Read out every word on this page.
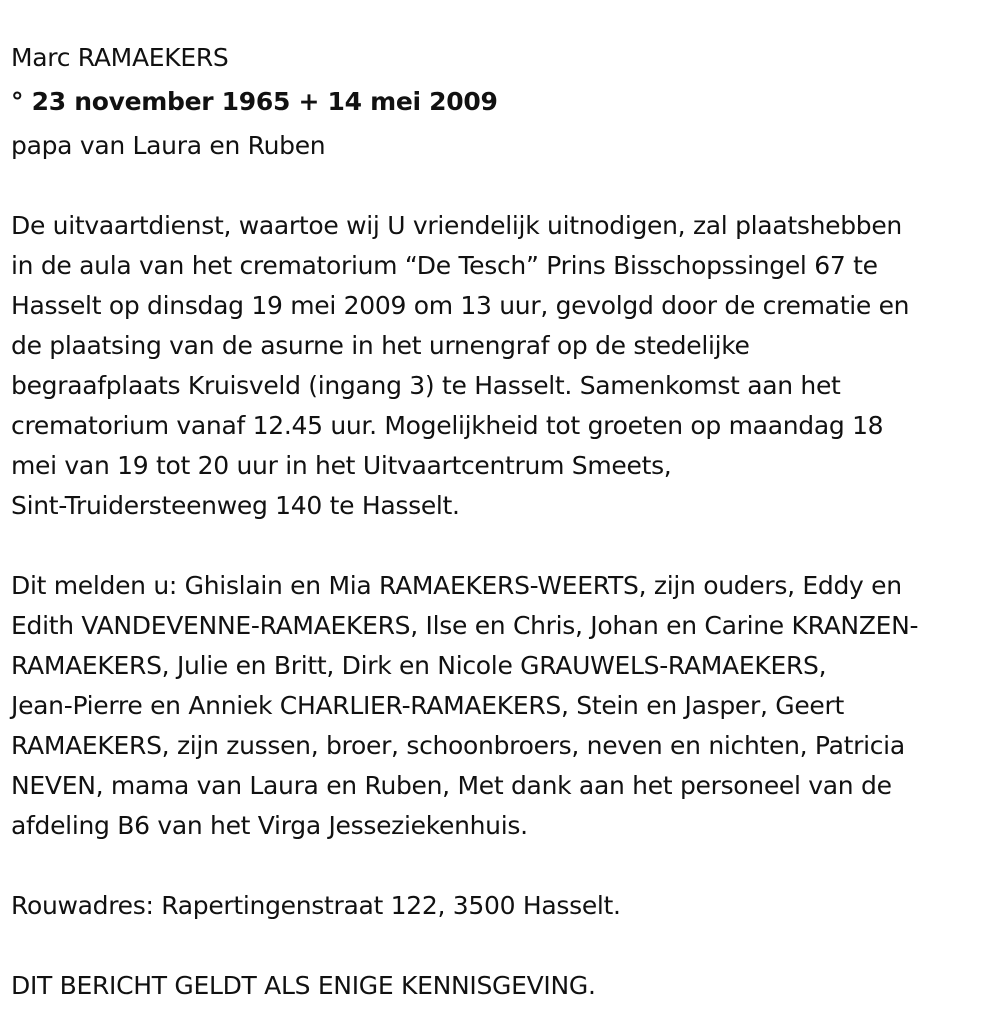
Marc RAMAEKERS
° 23 november 1965 + 14 mei 2009
papa van Laura en Ruben
De uitvaartdienst, waartoe wij U vriendelijk uitnodigen, zal plaatshebben
in de aula van het crematorium “De Tesch” Prins Bisschopssingel 67 te
Hasselt op dinsdag 19 mei 2009 om 13 uur, gevolgd door de crematie en
de plaatsing van de asurne in het urnengraf op de stedelijke
begraafplaats Kruisveld (ingang 3) te Hasselt. Samenkomst aan het
crematorium vanaf 12.45 uur. Mogelijkheid tot groeten op maandag 18
mei van 19 tot 20 uur in het Uitvaartcentrum Smeets,
Sint-Truidersteenweg 140 te Hasselt.
Dit melden u: Ghislain en Mia RAMAEKERS-WEERTS, zijn ouders, Eddy en
Edith VANDEVENNE-RAMAEKERS, Ilse en Chris, Johan en Carine KRANZEN-
RAMAEKERS, Julie en Britt, Dirk en Nicole GRAUWELS-RAMAEKERS,
Jean-Pierre en Anniek CHARLIER-RAMAEKERS, Stein en Jasper, Geert
RAMAEKERS, zijn zussen, broer, schoonbroers, neven en nichten, Patricia
NEVEN, mama van Laura en Ruben, Met dank aan het personeel van de
afdeling B6 van het Virga Jesseziekenhuis.
Rouwadres: Rapertingenstraat 122, 3500 Hasselt.
DIT BERICHT GELDT ALS ENIGE KENNISGEVING.
